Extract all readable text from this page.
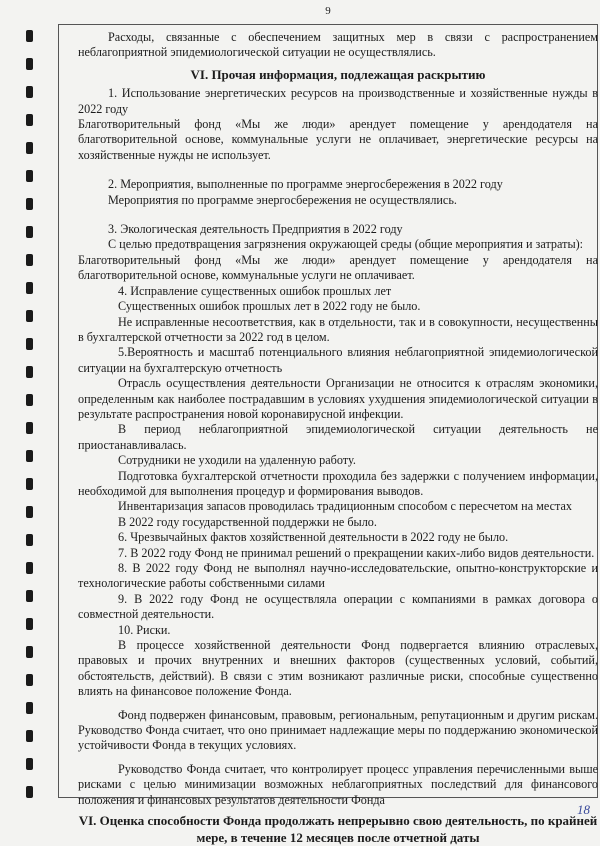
9

Расходы, связанные с обеспечением защитных мер в связи с распространением неблагоприятной эпидемиологической ситуации не осуществлялись.

VI. Прочая информация, подлежащая раскрытию

1. Использование энергетических ресурсов на производственные и хозяйственные нужды в 2022 году

Благотворительный фонд «Мы же люди» арендует помещение у арендодателя на благотворительной основе, коммунальные услуги не оплачивает, энергетические ресурсы на хозяйственные нужды не использует.

2. Мероприятия, выполненные по программе энергосбережения в 2022 году

Мероприятия по программе энергосбережения не осуществлялись.

3. Экологическая деятельность Предприятия в 2022 году

С целью предотвращения загрязнения окружающей среды (общие мероприятия и затраты):

Благотворительный фонд «Мы же люди» арендует помещение у арендодателя на благотворительной основе, коммунальные услуги не оплачивает.

4. Исправление существенных ошибок прошлых лет

Существенных ошибок прошлых лет в 2022 году не было.

Не исправленные несоответствия, как в отдельности, так и в совокупности, несущественны в бухгалтерской отчетности за 2022 год в целом.

5.Вероятность и масштаб потенциального влияния неблагоприятной эпидемиологической ситуации на бухгалтерскую отчетность

Отрасль осуществления деятельности Организации не относится к отраслям экономики, определенным как наиболее пострадавшим в условиях ухудшения эпидемиологической ситуации в результате распространения новой коронавирусной инфекции.

В период неблагоприятной эпидемиологической ситуации деятельность не приостанавливалась.

Сотрудники не уходили на удаленную работу.

Подготовка бухгалтерской отчетности проходила без задержки с получением информации, необходимой для выполнения процедур и формирования выводов.

Инвентаризация запасов проводилась традиционным способом с пересчетом на местах

В 2022 году государственной поддержки не было.

6. Чрезвычайных фактов хозяйственной деятельности в 2022 году не было.

7. В 2022 году Фонд не принимал решений о прекращении каких-либо видов деятельности.

8. В 2022 году Фонд не выполнял научно-исследовательские, опытно-конструкторские и технологические работы собственными силами

9. В 2022 году Фонд не осуществляла операции с компаниями в рамках договора о совместной деятельности.

10. Риски.

В процессе хозяйственной деятельности Фонд подвергается влиянию отраслевых, правовых и прочих внутренних и внешних факторов (существенных условий, событий, обстоятельств, действий). В связи с этим возникают различные риски, способные существенно влиять на финансовое положение Фонда.

Фонд подвержен финансовым, правовым, региональным, репутационным и другим рискам. Руководство Фонда считает, что оно принимает надлежащие меры по поддержанию экономической устойчивости Фонда в текущих условиях.

Руководство Фонда считает, что контролирует процесс управления перечисленными выше рисками с целью минимизации возможных неблагоприятных последствий для финансового положения и финансовых результатов деятельности Фонда

VI. Оценка способности Фонда продолжать непрерывно свою деятельность, по крайней мере, в течение 12 месяцев после отчетной даты
18
